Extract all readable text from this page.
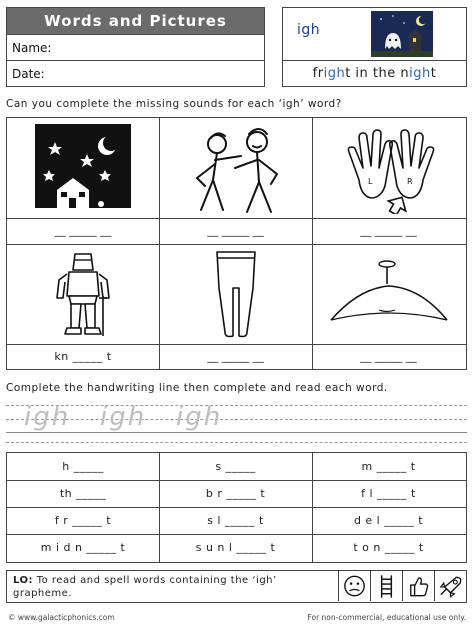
Words and Pictures
Name:
Date:
igh
fright in the night
Can you complete the missing sounds for each ‘igh’ word?
L	R
__ _____ __	__ _____ __	__ _____ __
kn _____ t	__ _____ __	__ _____ __
Complete the handwriting line then complete and read each word.
igh igh igh
h _____	s _____	m _____ t
th _____	b r _____ t	f l _____ t
f r _____ t	s l _____ t	d e l _____ t
m i d n _____ t	s u n l _____ t	t o n _____ t
LO: To read and spell words containing the ‘igh’ grapheme.
© www.galacticphonics.com	For non-commercial, educational use only.
